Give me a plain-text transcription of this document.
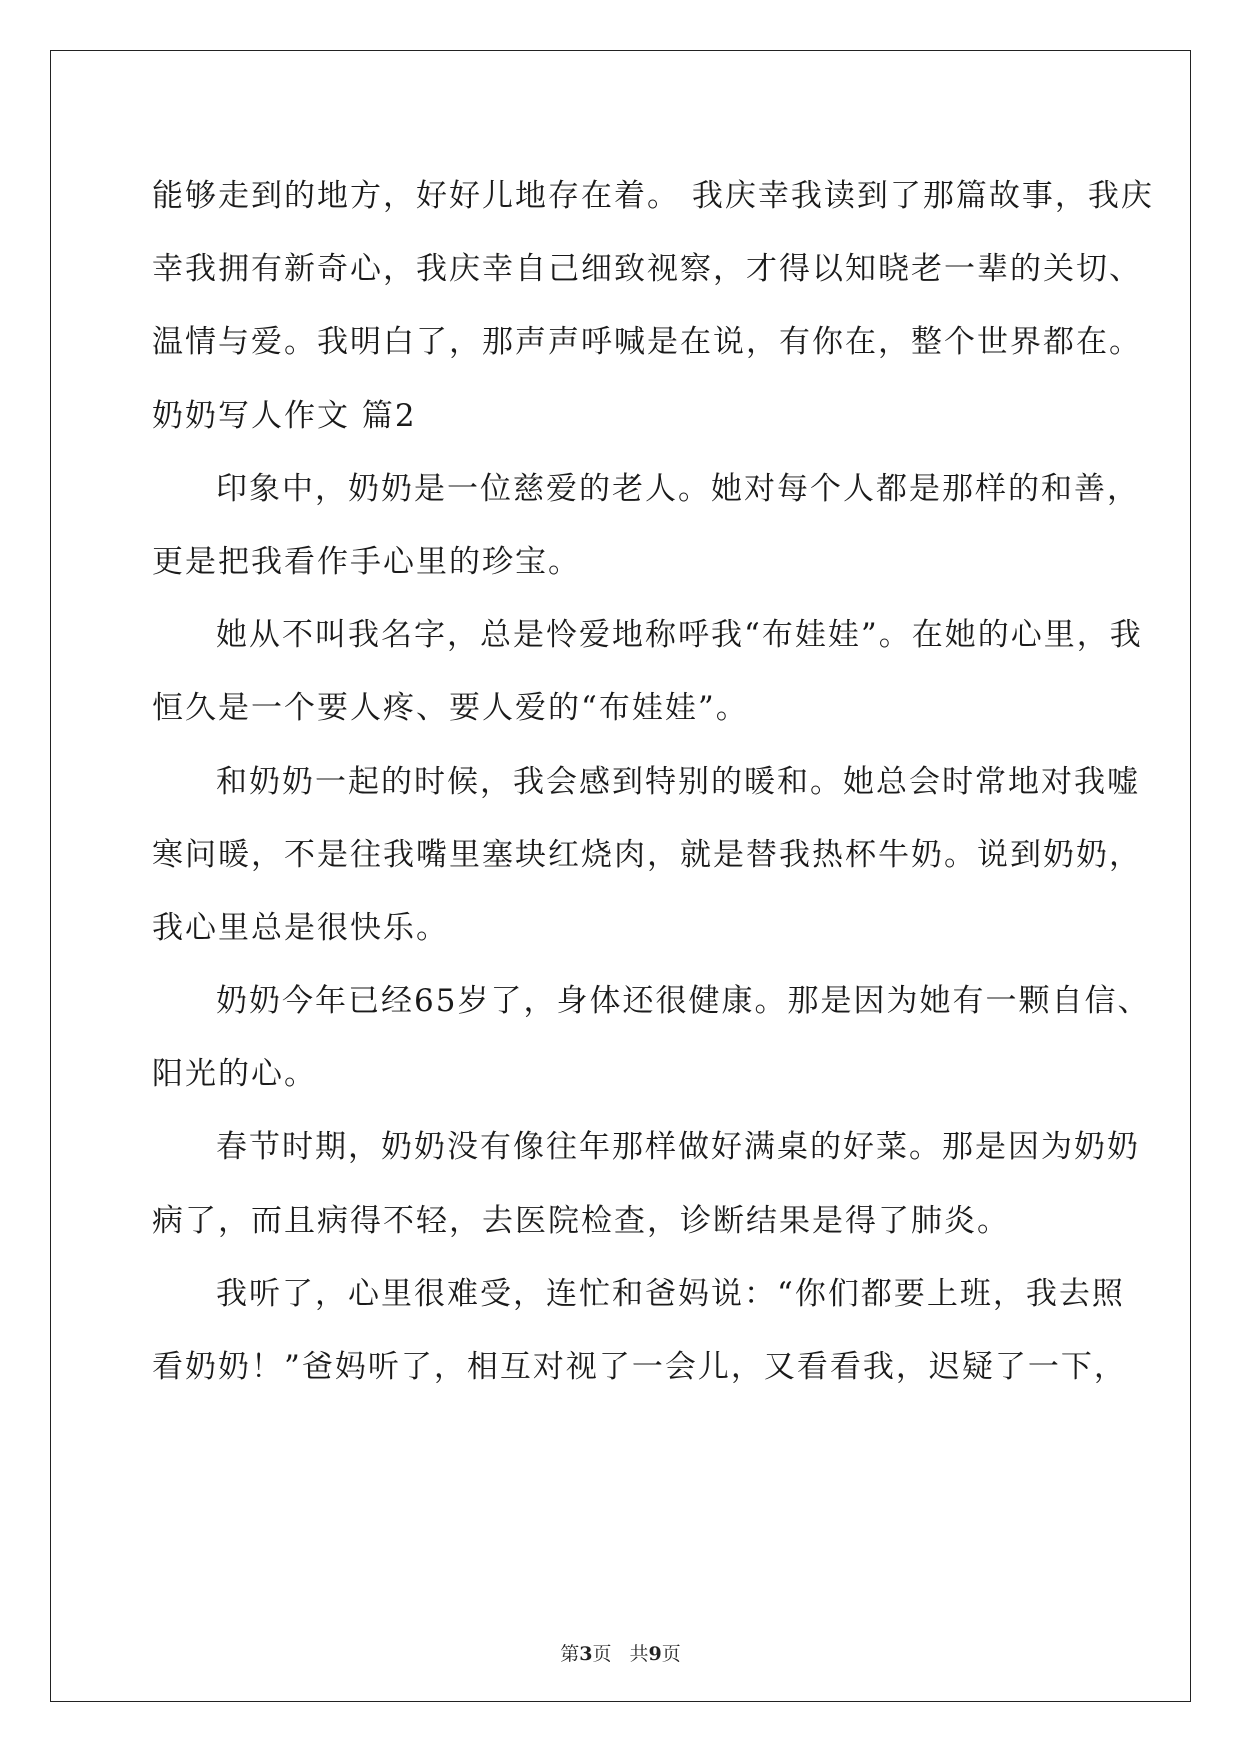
能够走到的地方，好好儿地存在着。 我庆幸我读到了那篇故事，我庆
幸我拥有新奇心，我庆幸自己细致视察，才得以知晓老一辈的关切、
温情与爱。我明白了，那声声呼喊是在说，有你在，整个世界都在。
奶奶写人作文 篇2
印象中，奶奶是一位慈爱的老人。她对每个人都是那样的和善，
更是把我看作手心里的珍宝。
她从不叫我名字，总是怜爱地称呼我“布娃娃”。在她的心里，我
恒久是一个要人疼、要人爱的“布娃娃”。
和奶奶一起的时候，我会感到特别的暖和。她总会时常地对我嘘
寒问暖，不是往我嘴里塞块红烧肉，就是替我热杯牛奶。说到奶奶，
我心里总是很快乐。
奶奶今年已经65岁了，身体还很健康。那是因为她有一颗自信、
阳光的心。
春节时期，奶奶没有像往年那样做好满桌的好菜。那是因为奶奶
病了，而且病得不轻，去医院检查，诊断结果是得了肺炎。
我听了，心里很难受，连忙和爸妈说：“你们都要上班，我去照
看奶奶！”爸妈听了，相互对视了一会儿，又看看我，迟疑了一下，
第3页 共9页
